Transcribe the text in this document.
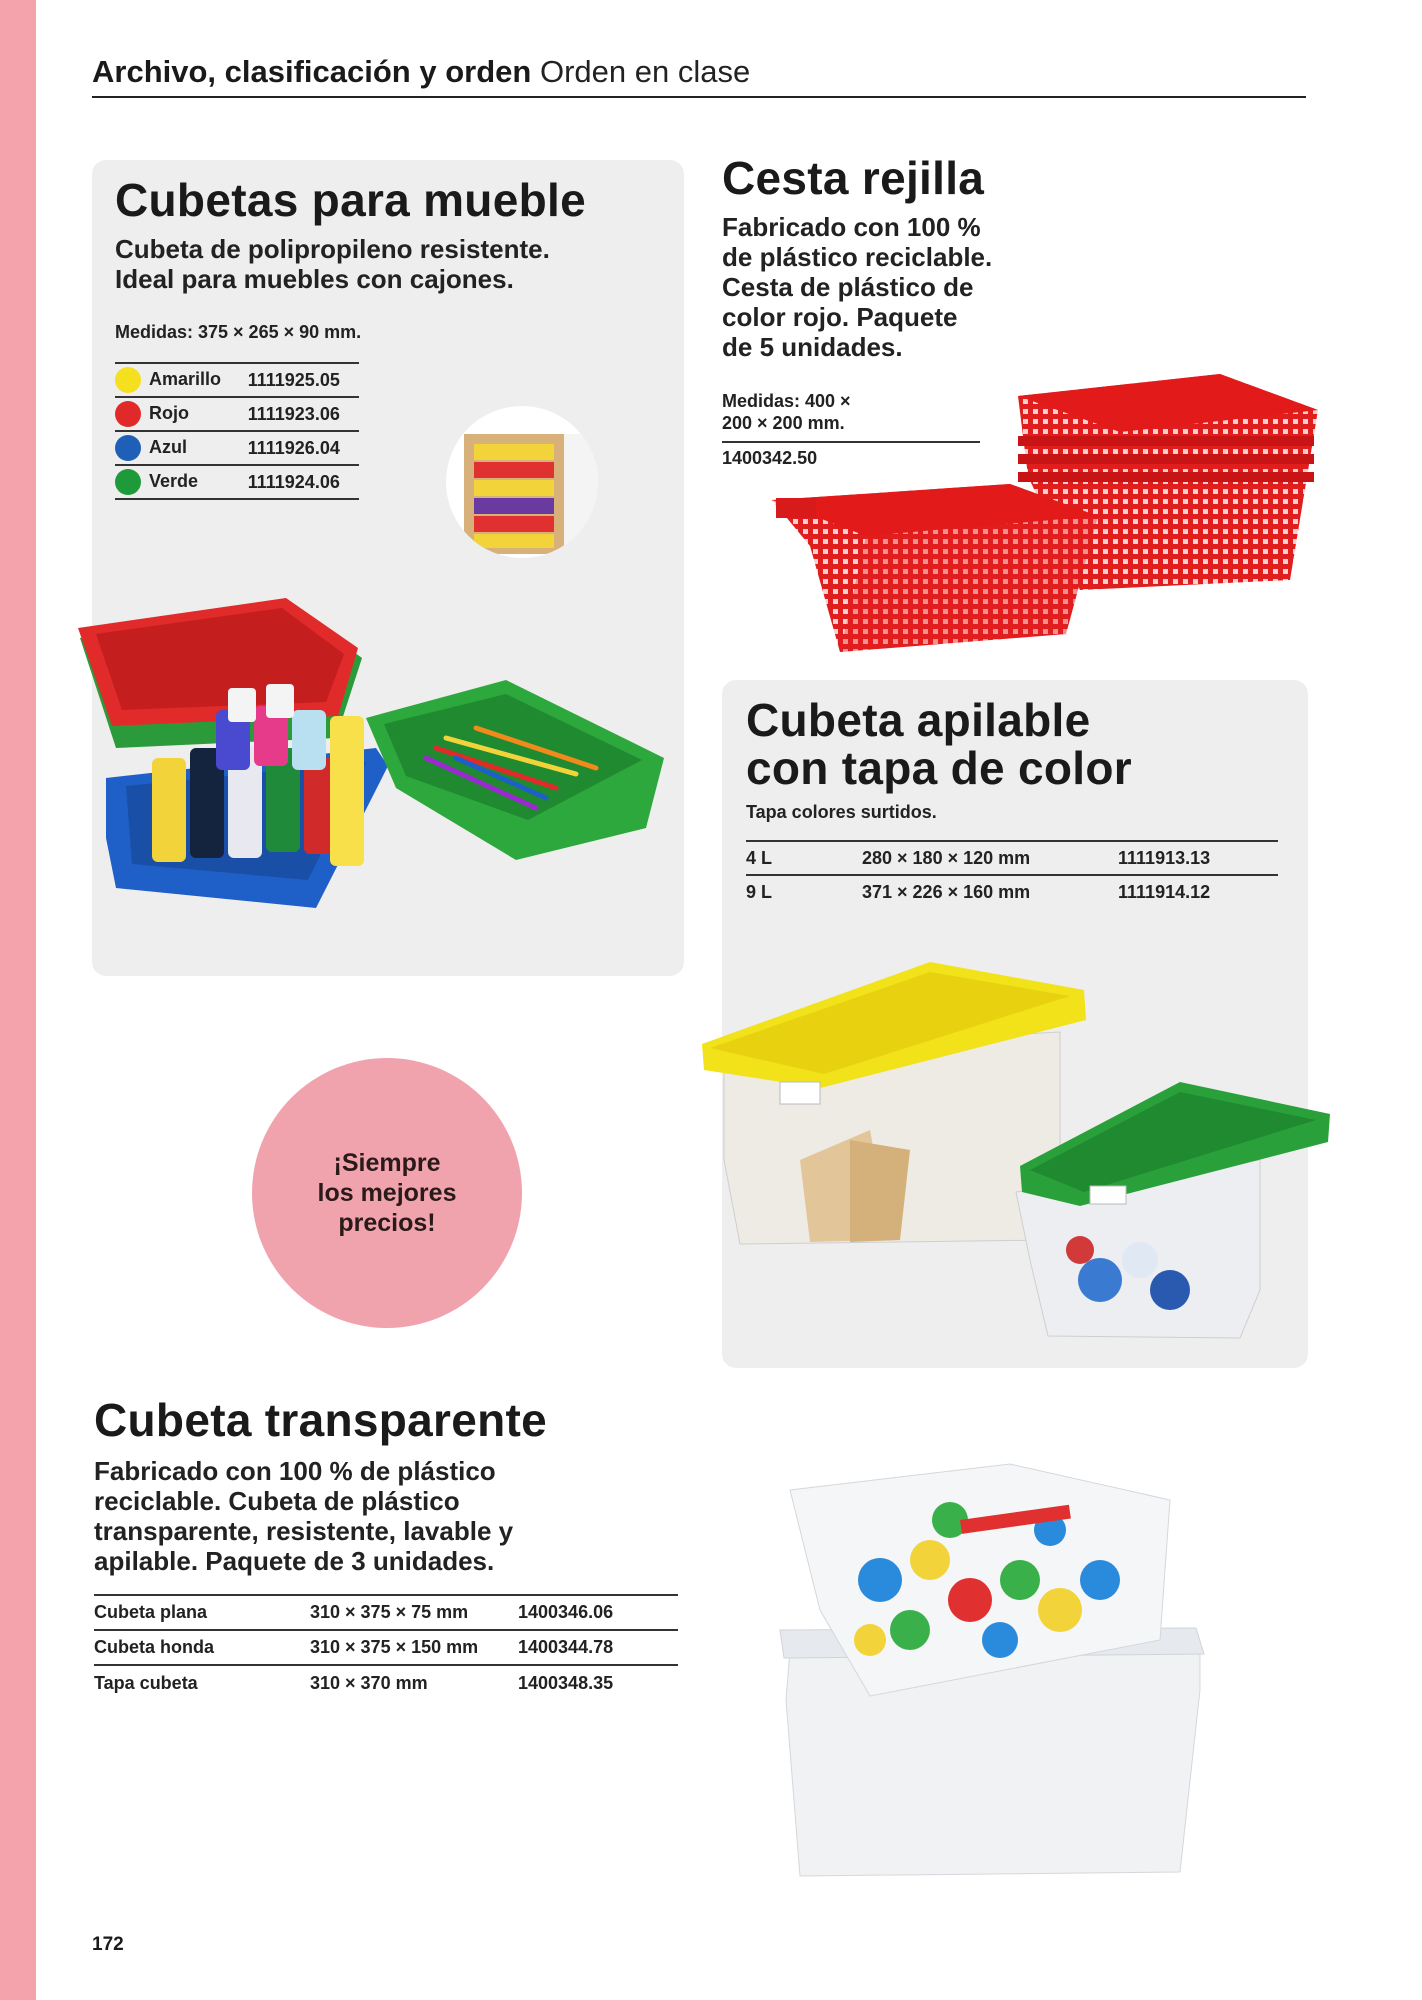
Archivo, clasificación y orden Orden en clase
Cubetas para mueble
Cubeta de polipropileno resistente. Ideal para muebles con cajones.
Medidas: 375 × 265 × 90 mm.
Amarillo	1111925.05
Rojo	1111923.06
Azul	1111926.04
Verde	1111924.06
Cesta rejilla
Fabricado con 100 % de plástico reciclable. Cesta de plástico de color rojo. Paquete de 5 unidades.
Medidas: 400 × 200 × 200 mm.
1400342.50
Cubeta apilable
con tapa de color
Tapa colores surtidos.
4 L	280 × 180 × 120 mm	1111913.13
9 L	371 × 226 × 160 mm	1111914.12
¡Siempre
los mejores
precios!
Cubeta transparente
Fabricado con 100 % de plástico reciclable. Cubeta de plástico transparente, resistente, lavable y apilable. Paquete de 3 unidades.
Cubeta plana	310 × 375 × 75 mm	1400346.06
Cubeta honda	310 × 375 × 150 mm	1400344.78
Tapa cubeta	310 × 370 mm	1400348.35
172
